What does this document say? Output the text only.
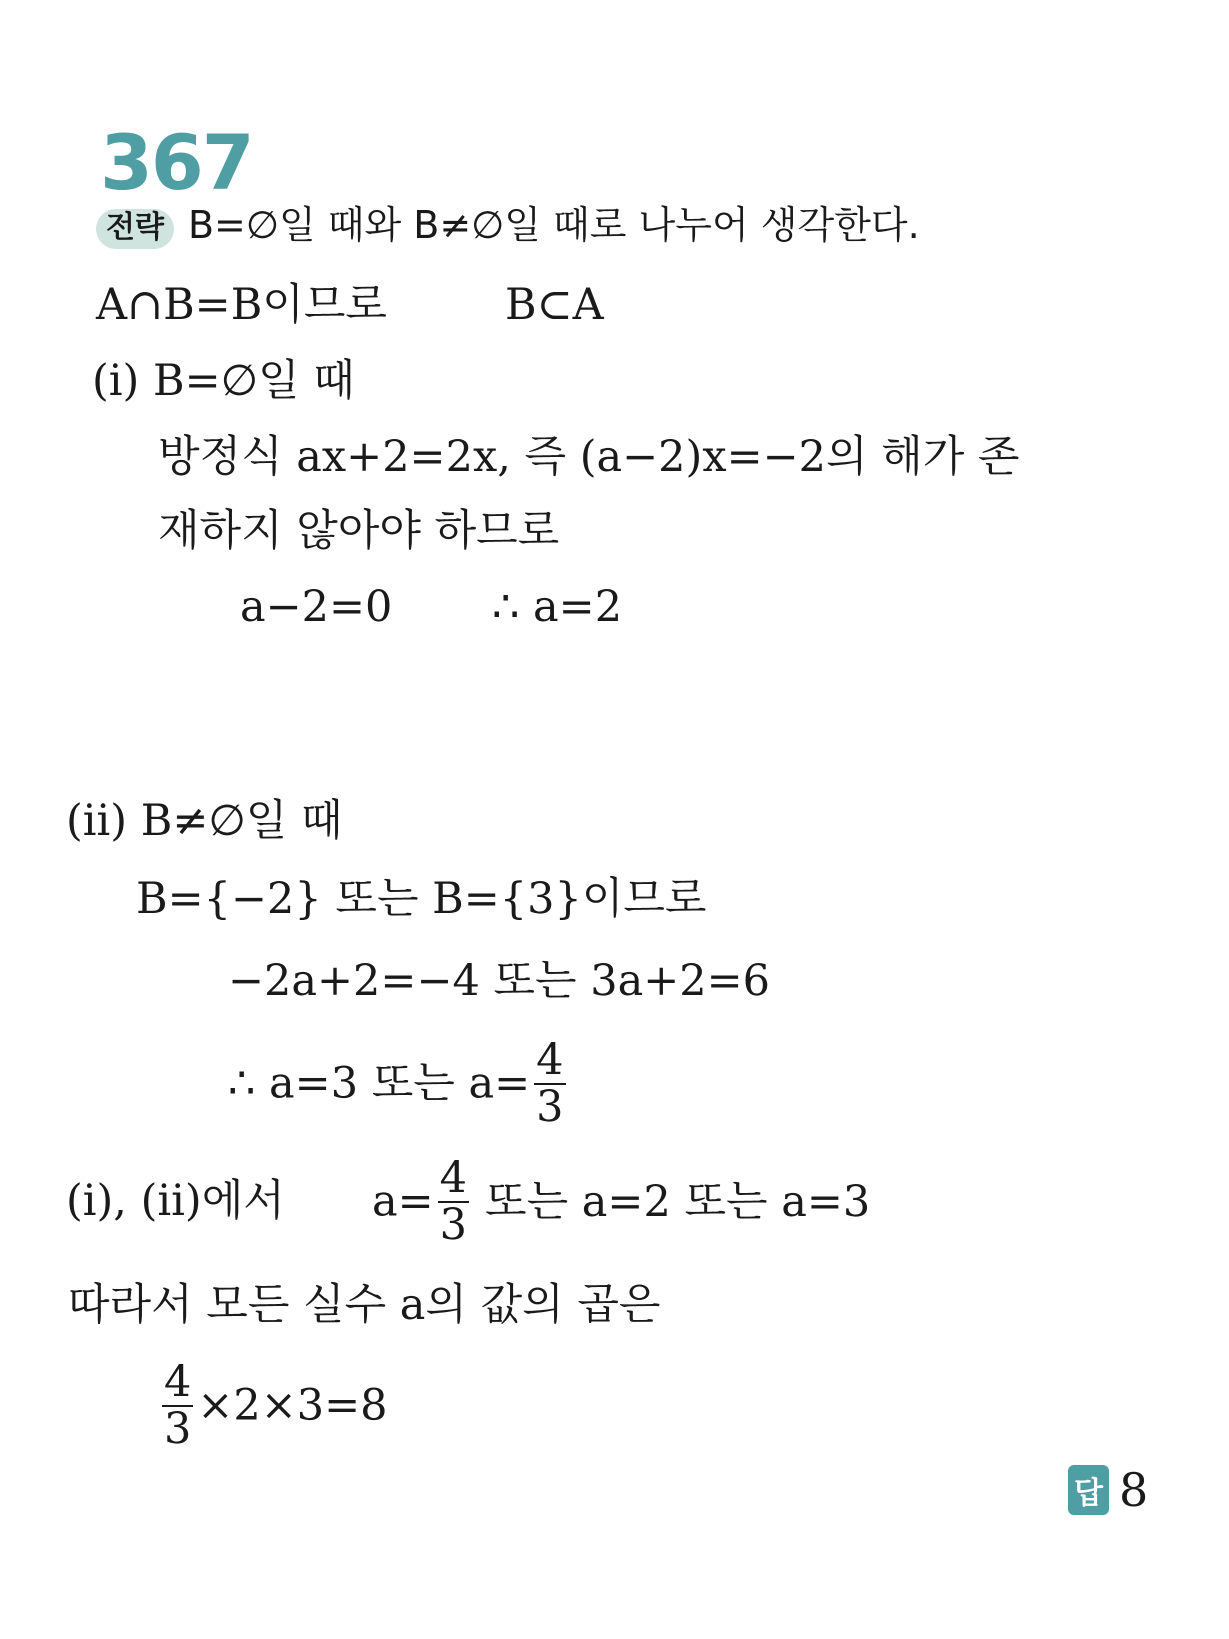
367
전략 B=∅일 때와 B≠∅일 때로 나누어 생각한다.
A∩B=B이므로	B⊂A
(ⅰ) B=∅일 때
방정식 ax+2=2x, 즉 (a−2)x=−2의 해가 존
재하지 않아야 하므로
a−2=0 ∴ a=2
(ⅱ) B≠∅일 때
B={−2} 또는 B={3}이므로
−2a+2=−4 또는 3a+2=6
∴ a=3 또는 $a= \frac{4}{3}$
(ⅰ), (ⅱ)에서 $a= \frac{4}{3}$ 또는 a=2 또는 a=3
따라서 모든 실수 a의 값의 곱은
$\frac{4}{3} \times 2\times 3=8$
답 8
